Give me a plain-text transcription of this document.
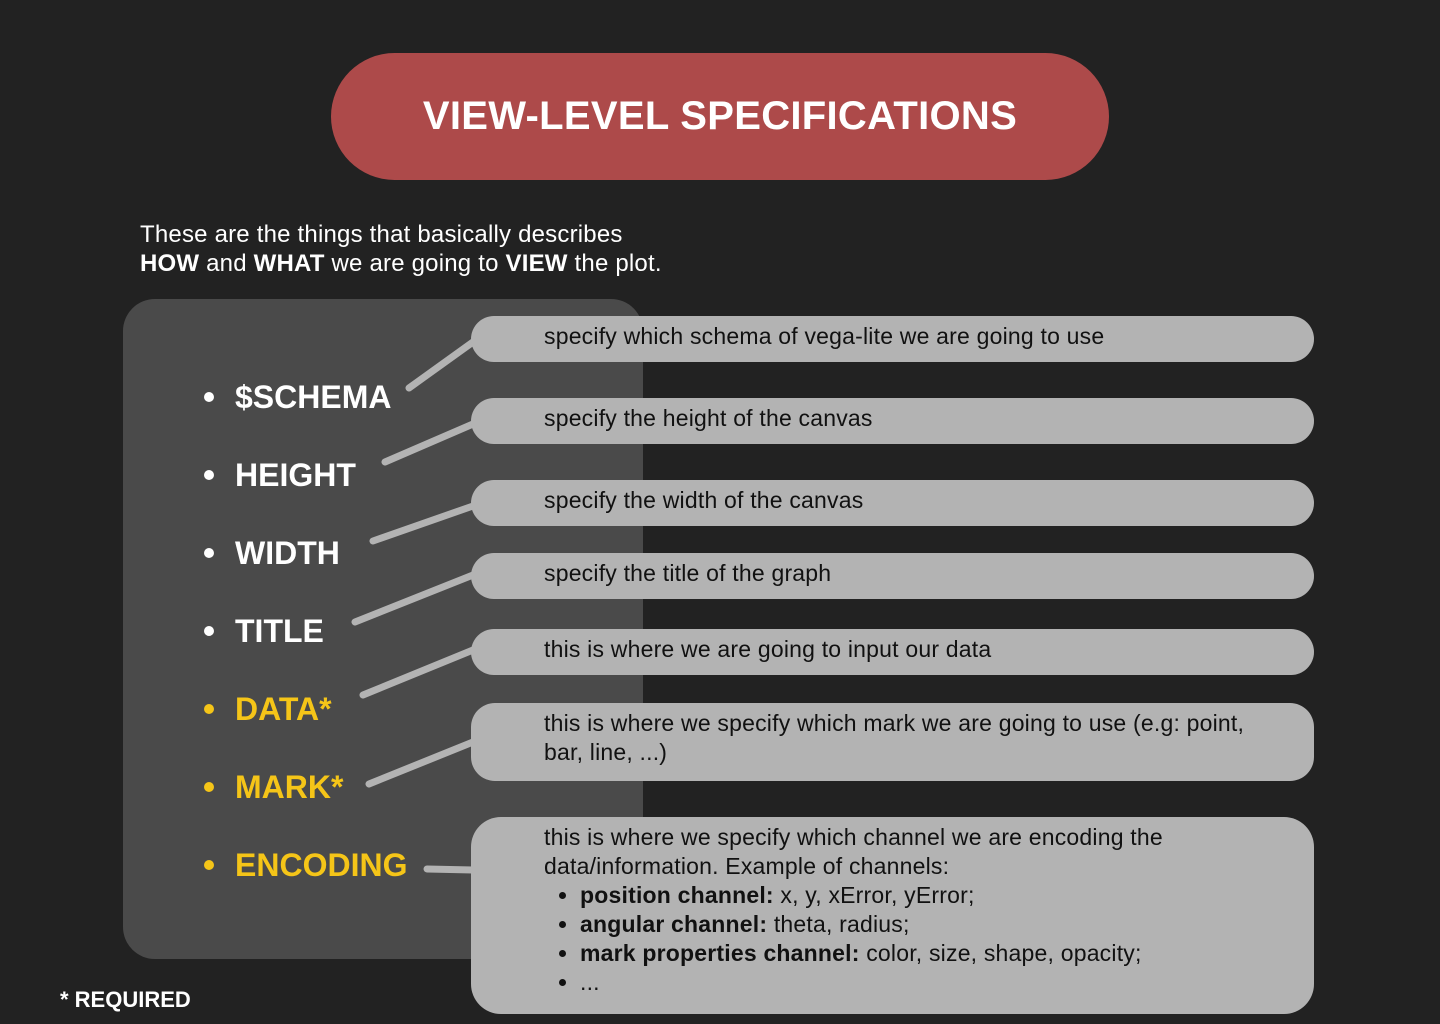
VIEW-LEVEL SPECIFICATIONS
These are the things that basically describes
HOW and WHAT we are going to VIEW the plot.
$SCHEMA
HEIGHT
WIDTH
TITLE
DATA*
MARK*
ENCODING
specify which schema of vega-lite we are going to use
specify the height of the canvas
specify the width of the canvas
specify the title of the graph
this is where we are going to input our data
this is where we specify which mark we are going to use (e.g: point, bar, line, ...)
this is where we specify which channel we are encoding the data/information. Example of channels:
• position channel: x, y, xError, yError;
• angular channel: theta, radius;
• mark properties channel: color, size, shape, opacity;
• ...
* REQUIRED
